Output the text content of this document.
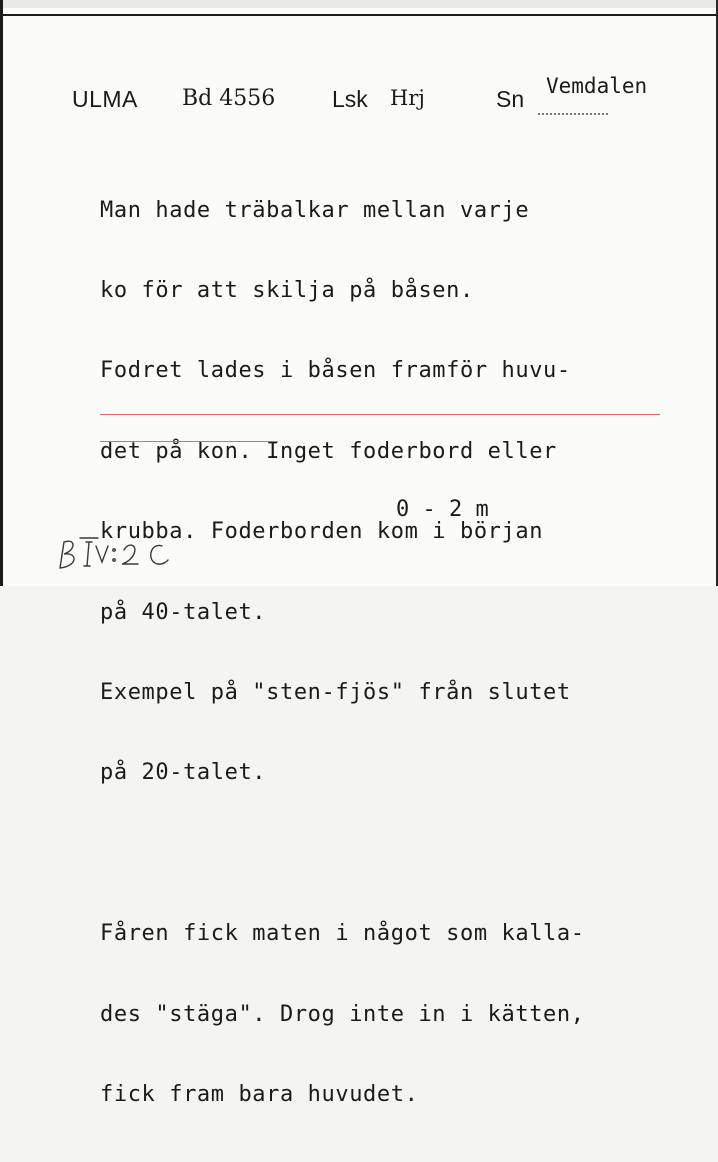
ULMA Bd 4556 Lsk Hrj	Sn Vemdalen

Man hade träbalkar mellan varje

ko för att skilja på båsen.

Fodret lades i båsen framför huvu-

det på kon. Inget foderbord eller

krubba. Foderborden kom i början

på 40-talet.

Exempel på "sten-fjös" från slutet

på 20-talet.

Fåren fick maten i något som kalla-

des "stäga". Drog inte in i kätten,

fick fram bara huvudet.

0 - 2 m
